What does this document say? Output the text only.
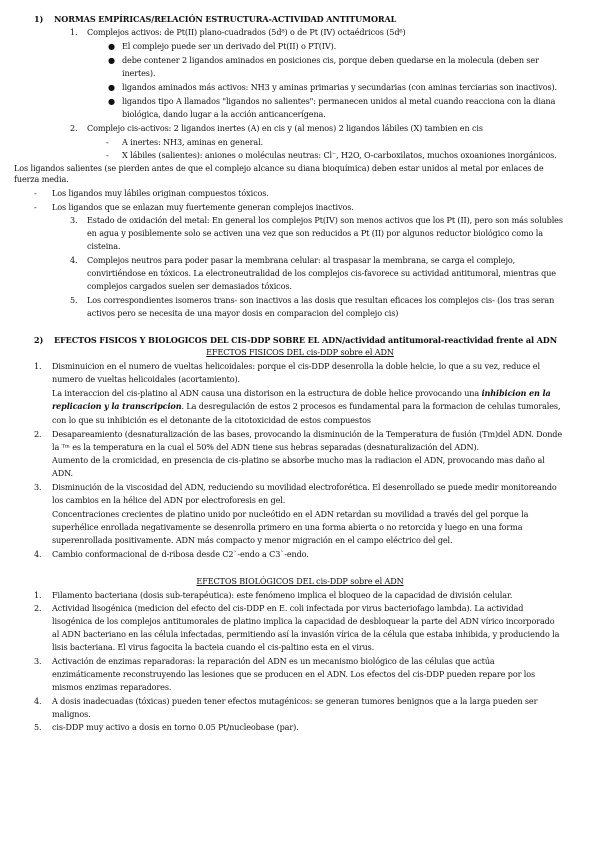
1) NORMAS EMPÍRICAS/RELACIÓN ESTRUCTURA-ACTIVIDAD ANTITUMORAL
1. Complejos activos: de Pt(II) plano-cuadrados (5d⁸) o de Pt (IV) octaédricos (5d⁶)
● El complejo puede ser un derivado del Pt(II) o PT(IV).
● debe contener 2 ligandos aminados en posiciones cis, porque deben quedarse en la molecula (deben ser
inertes).
● ligandos aminados más activos: NH3 y aminas primarias y secundarias (con aminas terciarias son inactivos).
● ligandos tipo A llamados "ligandos no salientes": permanecen unidos al metal cuando reacciona con la diana
biológica, dando lugar a la acción anticancerígena.
2. Complejo cis-activos: 2 ligandos inertes (A) en cis y (al menos) 2 ligandos lábiles (X) tambien en cis
- A inertes: NH3, aminas en general.
- X lábiles (salientes): aniones o moléculas neutras: Cl⁻, H2O, O-carboxilatos, muchos oxoaniones inorgánicos.
Los ligandos salientes (se pierden antes de que el complejo alcance su diana bioquímica) deben estar unidos al metal por enlaces de
fuerza media.
- Los ligandos muy lábiles originan compuestos tóxicos.
- Los ligandos que se enlazan muy fuertemente generan complejos inactivos.
3. Estado de oxidación del metal: En general los complejos Pt(IV) son menos activos que los Pt (II), pero son más solubles
en agua y posiblemente solo se activen una vez que son reducidos a Pt (II) por algunos reductor biológico como la
cisteina.
4. Complejos neutros para poder pasar la membrana celular: al traspasar la membrana, se carga el complejo,
convirtiéndose en tóxicos. La electroneutralidad de los complejos cis-favorece su actividad antitumoral, mientras que
complejos cargados suelen ser demasiados tóxicos.
5. Los correspondientes isomeros trans- son inactivos a las dosis que resultan eficaces los complejos cis- (los tras seran
activos pero se necesita de una mayor dosis en comparacion del complejo cis)
2) EFECTOS FISICOS Y BIOLOGICOS DEL CIS-DDP SOBRE EL ADN/actividad antitumoral-reactividad frente al ADN
EFECTOS FISICOS DEL cis-DDP sobre el ADN
1. Disminuicion en el numero de vueltas helicoidales: porque el cis-DDP desenrolla la doble helcie, lo que a su vez, reduce el
numero de vueltas helicoidales (acortamiento).
La interaccion del cis-platino al ADN causa una distorison en la estructura de doble helice provocando una inhibicion en la
replicacion y la transcripcion. La desregulación de estos 2 procesos es fundamental para la formacion de celulas tumorales,
con lo que su inhibición es el detonante de la citotoxicidad de estos compuestos
2. Desapareamiento (desnaturalización de las bases, provocando la disminución de la Temperatura de fusión (Tm)del ADN. Donde
la ᵀᵐ es la temperatura en la cual el 50% del ADN tiene sus hebras separadas (desnaturalización del ADN).
Aumento de la cromicidad, en presencia de cis-platino se absorbe mucho mas la radiacion el ADN, provocando mas daño al
ADN.
3. Disminución de la viscosidad del ADN, reduciendo su movilidad electroforética. El desenrollado se puede medir monitoreando
los cambios en la hélice del ADN por electroforesis en gel.
Concentraciones crecientes de platino unido por nucleótido en el ADN retardan su movilidad a través del gel porque la
superhélice enrollada negativamente se desenrolla primero en una forma abierta o no retorcida y luego en una forma
superenrollada positivamente. ADN más compacto y menor migración en el campo eléctrico del gel.
4. Cambio conformacional de d-ribosa desde C2`-endo a C3`-endo.
EFECTOS BIOLÓGICOS DEL cis-DDP sobre el ADN
1. Filamento bacteriana (dosis sub-terapéutica): este fenómeno implica el bloqueo de la capacidad de división celular.
2. Actividad lisogénica (medicion del efecto del cis-DDP en E. coli infectada por virus bacteriofago lambda). La actividad
lisogénica de los complejos antitumorales de platino implica la capacidad de desbloquear la parte del ADN vírico incorporado
al ADN bacteriano en las célula infectadas, permitiendo así la invasión vírica de la célula que estaba inhibida, y produciendo la
lisis bacteriana. El virus fagocita la bacteia cuando el cis-paltino esta en el virus.
3. Activación de enzimas reparadoras: la reparación del ADN es un mecanismo biológico de las células que actúa
enzimáticamente reconstruyendo las lesiones que se producen en el ADN. Los efectos del cis-DDP pueden repare por los
mismos enzimas reparadores.
4. A dosis inadecuadas (tóxicas) pueden tener efectos mutagénicos: se generan tumores benignos que a la larga pueden ser
malignos.
5. cis-DDP muy activo a dosis en torno 0.05 Pt/nucleobase (par).
